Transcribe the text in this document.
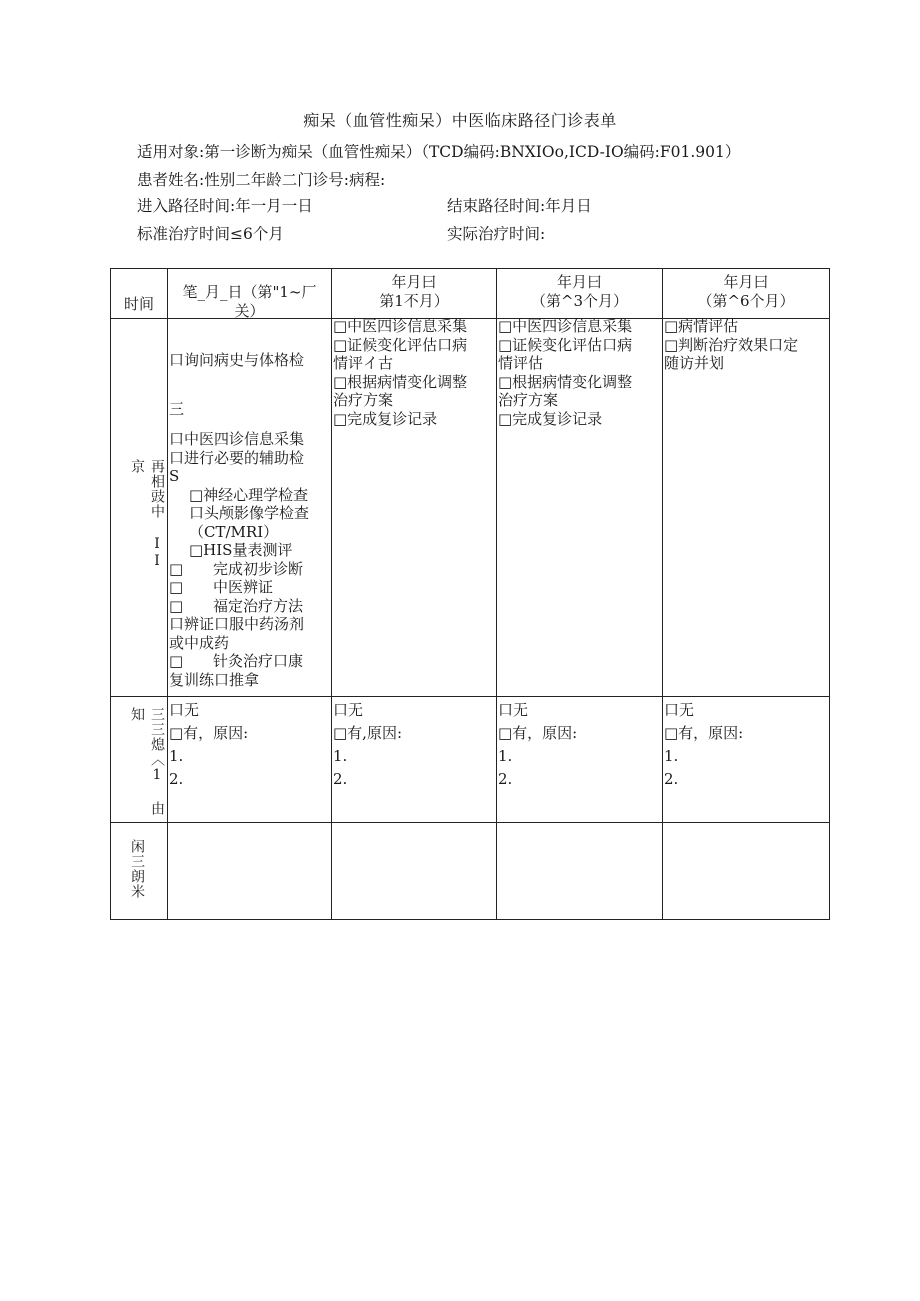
痴呆（血管性痴呆）中医临床路径门诊表单
适用对象:第一诊断为痴呆（血管性痴呆）（TCD编码:BNXIOo,ICD-IO编码:F01.901）
患者姓名:性别二年龄二门诊号:病程:
进入路径时间:年一月一日	结束路径时间:年月日
标准治疗时间≤6个月	实际治疗时间:
时间
再相豉中 II 京
三三熄〈1 由知
闲三朗米
笔_月_日（第"1~厂
关）
年月曰
第1不月）
年月曰
（第^3个月）
年月曰
（第^6个月）
口询问病史与体格检
三
口中医四诊信息采集
口进行必要的辅助检
S
□神经心理学检查
口头颅影像学检查
（CT/MRI）
□HIS量表测评
□ 完成初步诊断
□ 中医辨证
□ 福定治疗方法
口辨证口服中药汤剂
或中成药
□ 针灸治疗口康
复训练口推拿
□中医四诊信息采集
□证候变化评估口病
情评イ古
□根据病情变化调整
治疗方案
□完成复诊记录
□中医四诊信息采集
□证候变化评估口病
情评估
□根据病情变化调整
治疗方案
□完成复诊记录
□病情评估
□判断治疗效果口定
随访并划
口无
□有，原因:
1.
2.
口无
□有,原因:
1.
2.
口无
□有，原因:
1.
2.
口无
□有，原因:
1.
2.
